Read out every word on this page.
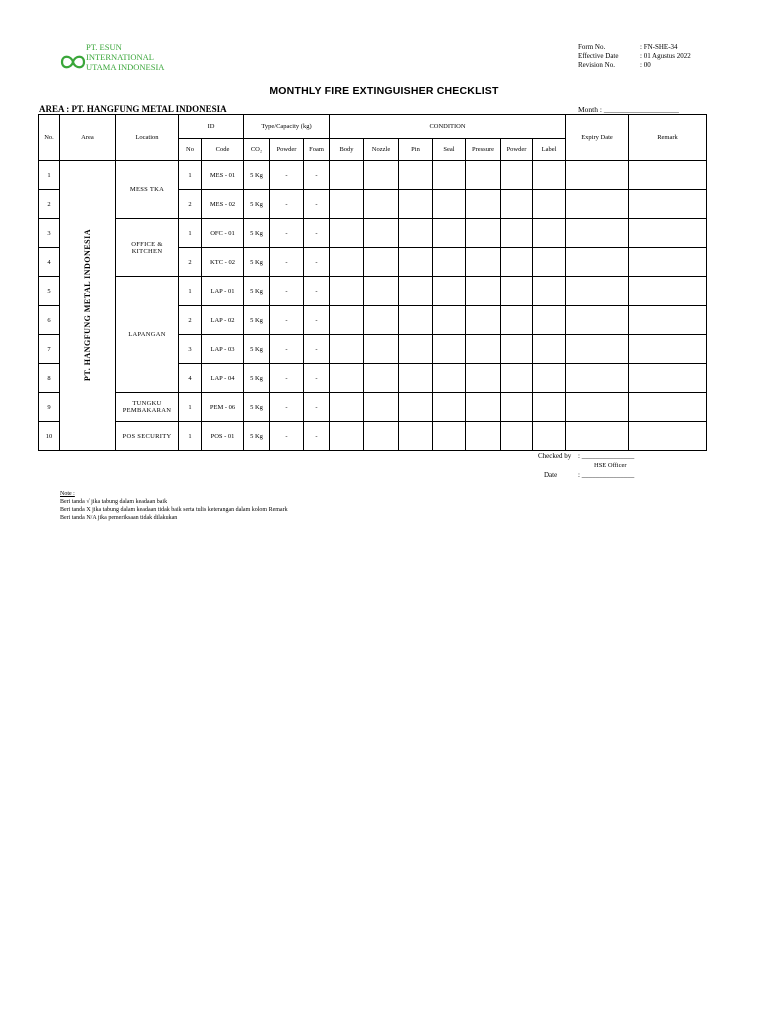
PT. ESUN
INTERNATIONAL
UTAMA INDONESIA
Form No.	: FN-SHE-34
Effective Date	: 01 Agustus 2022
Revision No.	: 00
MONTHLY FIRE EXTINGUISHER CHECKLIST
AREA : PT. HANGFUNG METAL INDONESIA	Month : ____________________
No.	Area	Location	ID		Type/Capacity (kg)			CONDITION							Expiry Date	Remark
			No	Code	CO₂	Powder	Foam	Body	Nozzle	Pin	Seal	Pressure	Powder	Label		
1	PT. HANGFUNG METAL INDONESIA	MESS TKA	1	MES - 01	5 Kg	-	-									
2			2	MES - 02	5 Kg	-	-									
3		OFFICE & KITCHEN	1	OFC - 01	5 Kg	-	-									
4			2	KTC - 02	5 Kg	-	-									
5		LAPANGAN	1	LAP - 01	5 Kg	-	-									
6			2	LAP - 02	5 Kg	-	-									
7			3	LAP - 03	5 Kg	-	-									
8			4	LAP - 04	5 Kg	-	-									
9		TUNGKU PEMBAKARAN	1	PEM - 06	5 Kg	-	-									
10		POS SECURITY	1	POS - 01	5 Kg	-	-									
Checked by : _______________
HSE Officer
Date	: _______________
Note :
Beri tanda √ jika tabung dalam keadaan baik
Beri tanda X jika tabung dalam keadaan tidak baik serta tulis keterangan dalam kolom Remark
Beri tanda N/A jika pemeriksaan tidak dilakukan
